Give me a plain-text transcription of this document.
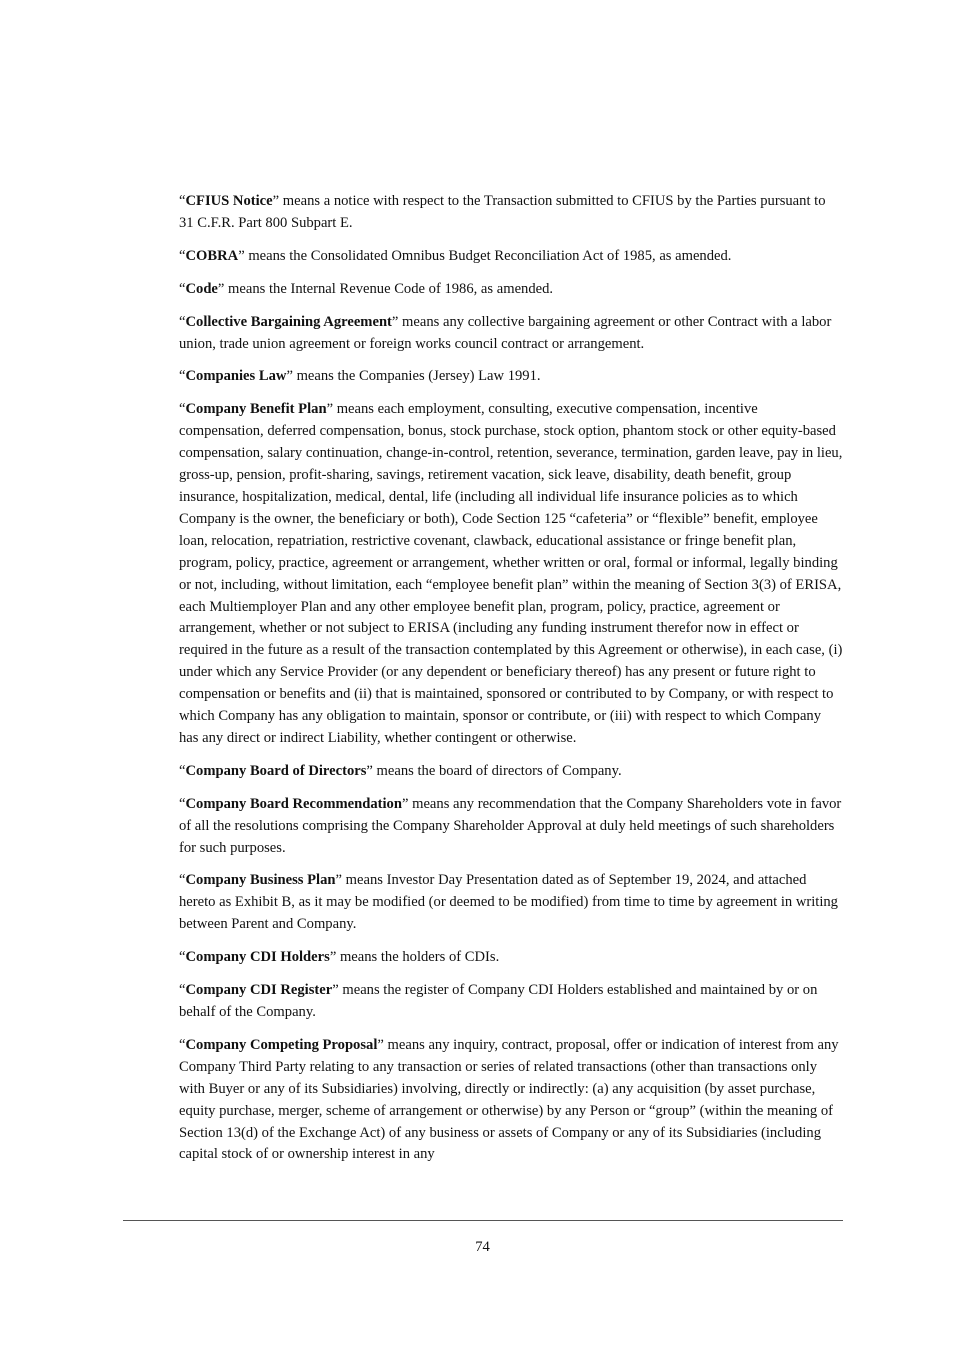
“CFIUS Notice” means a notice with respect to the Transaction submitted to CFIUS by the Parties pursuant to 31 C.F.R. Part 800 Subpart E.

“COBRA” means the Consolidated Omnibus Budget Reconciliation Act of 1985, as amended.

“Code” means the Internal Revenue Code of 1986, as amended.

“Collective Bargaining Agreement” means any collective bargaining agreement or other Contract with a labor union, trade union agreement or foreign works council contract or arrangement.

“Companies Law” means the Companies (Jersey) Law 1991.

“Company Benefit Plan” means each employment, consulting, executive compensation, incentive compensation, deferred compensation, bonus, stock purchase, stock option, phantom stock or other equity-based compensation, salary continuation, change-in-control, retention, severance, termination, garden leave, pay in lieu, gross-up, pension, profit-sharing, savings, retirement vacation, sick leave, disability, death benefit, group insurance, hospitalization, medical, dental, life (including all individual life insurance policies as to which Company is the owner, the beneficiary or both), Code Section 125 “cafeteria” or “flexible” benefit, employee loan, relocation, repatriation, restrictive covenant, clawback, educational assistance or fringe benefit plan, program, policy, practice, agreement or arrangement, whether written or oral, formal or informal, legally binding or not, including, without limitation, each “employee benefit plan” within the meaning of Section 3(3) of ERISA, each Multiemployer Plan and any other employee benefit plan, program, policy, practice, agreement or arrangement, whether or not subject to ERISA (including any funding instrument therefor now in effect or required in the future as a result of the transaction contemplated by this Agreement or otherwise), in each case, (i) under which any Service Provider (or any dependent or beneficiary thereof) has any present or future right to compensation or benefits and (ii) that is maintained, sponsored or contributed to by Company, or with respect to which Company has any obligation to maintain, sponsor or contribute, or (iii) with respect to which Company has any direct or indirect Liability, whether contingent or otherwise.

“Company Board of Directors” means the board of directors of Company.

“Company Board Recommendation” means any recommendation that the Company Shareholders vote in favor of all the resolutions comprising the Company Shareholder Approval at duly held meetings of such shareholders for such purposes.

“Company Business Plan” means Investor Day Presentation dated as of September 19, 2024, and attached hereto as Exhibit B, as it may be modified (or deemed to be modified) from time to time by agreement in writing between Parent and Company.

“Company CDI Holders” means the holders of CDIs.

“Company CDI Register” means the register of Company CDI Holders established and maintained by or on behalf of the Company.

“Company Competing Proposal” means any inquiry, contract, proposal, offer or indication of interest from any Company Third Party relating to any transaction or series of related transactions (other than transactions only with Buyer or any of its Subsidiaries) involving, directly or indirectly: (a) any acquisition (by asset purchase, equity purchase, merger, scheme of arrangement or otherwise) by any Person or “group” (within the meaning of Section 13(d) of the Exchange Act) of any business or assets of Company or any of its Subsidiaries (including capital stock of or ownership interest in any

74
